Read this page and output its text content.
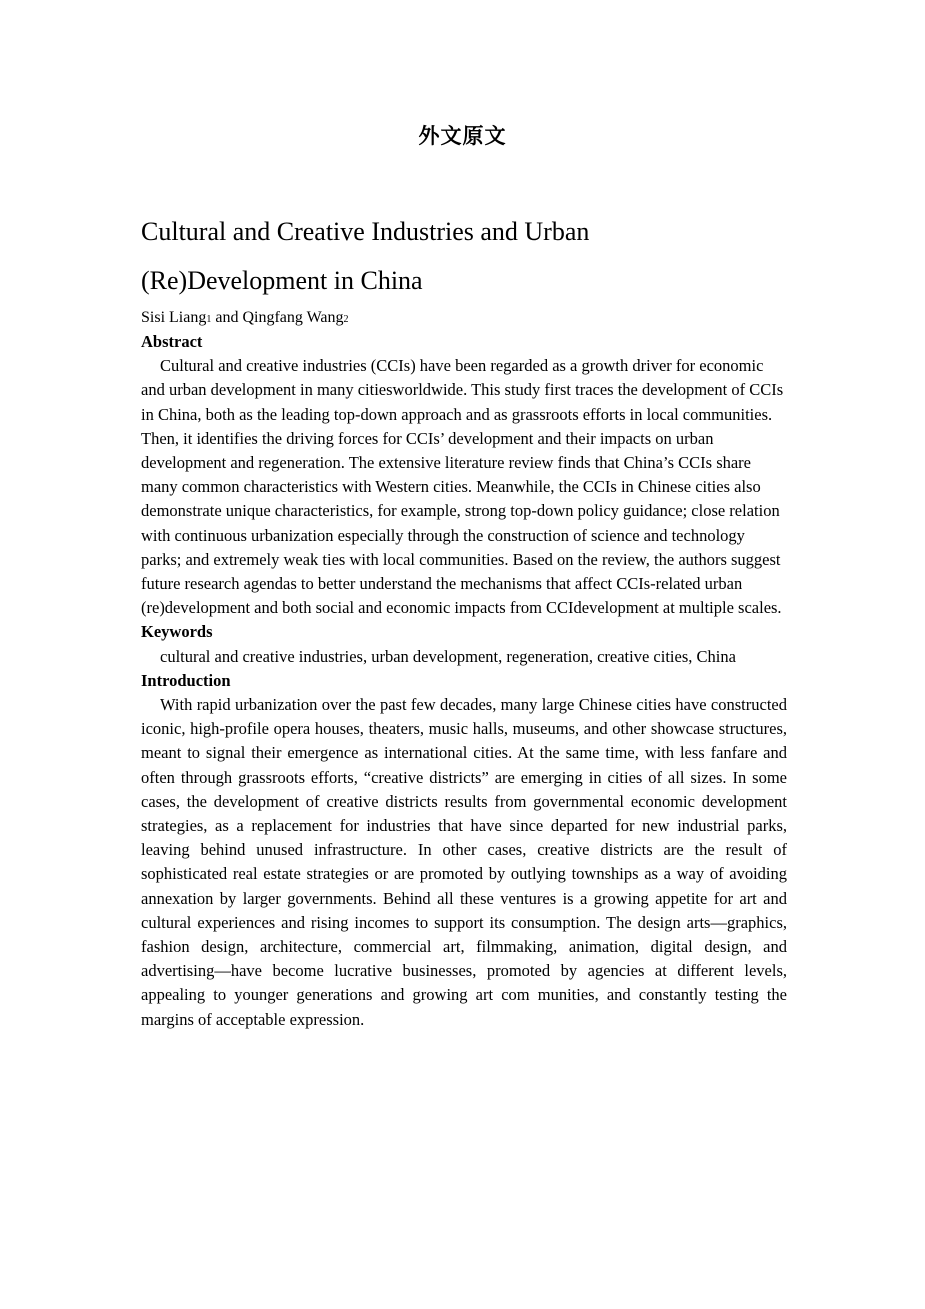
外文原文
Cultural and Creative Industries and Urban
(Re)Development in China
Sisi Liang1 and Qingfang Wang2
Abstract
Cultural and creative industries (CCIs) have been regarded as a growth driver for economic and urban development in many citiesworldwide. This study first traces the development of CCIs in China, both as the leading top-down approach and as grassroots efforts in local communities. Then, it identifies the driving forces for CCIs’ development and their impacts on urban development and regeneration. The extensive literature review finds that China’s CCIs share many common characteristics with Western cities. Meanwhile, the CCIs in Chinese cities also demonstrate unique characteristics, for example, strong top-down policy guidance; close relation with continuous urbanization especially through the construction of science and technology parks; and extremely weak ties with local communities. Based on the review, the authors suggest future research agendas to better understand the mechanisms that affect CCIs-related urban (re)development and both social and economic impacts from CCIdevelopment at multiple scales.
Keywords
cultural and creative industries, urban development, regeneration, creative cities, China
Introduction
With rapid urbanization over the past few decades, many large Chinese cities have constructed iconic, high-profile opera houses, theaters, music halls, museums, and other showcase structures, meant to signal their emergence as international cities. At the same time, with less fanfare and often through grassroots efforts, “creative districts” are emerging in cities of all sizes. In some cases, the development of creative districts results from governmental economic development strategies, as a replacement for industries that have since departed for new industrial parks, leaving behind unused infrastructure. In other cases, creative districts are the result of sophisticated real estate strategies or are promoted by outlying townships as a way of avoiding annexation by larger governments. Behind all these ventures is a growing appetite for art and cultural experiences and rising incomes to support its consumption. The design arts—graphics, fashion design, architecture, commercial art, filmmaking, animation, digital design, and advertising—have become lucrative businesses, promoted by agencies at different levels, appealing to younger generations and growing art com munities, and constantly testing the margins of acceptable expression.
